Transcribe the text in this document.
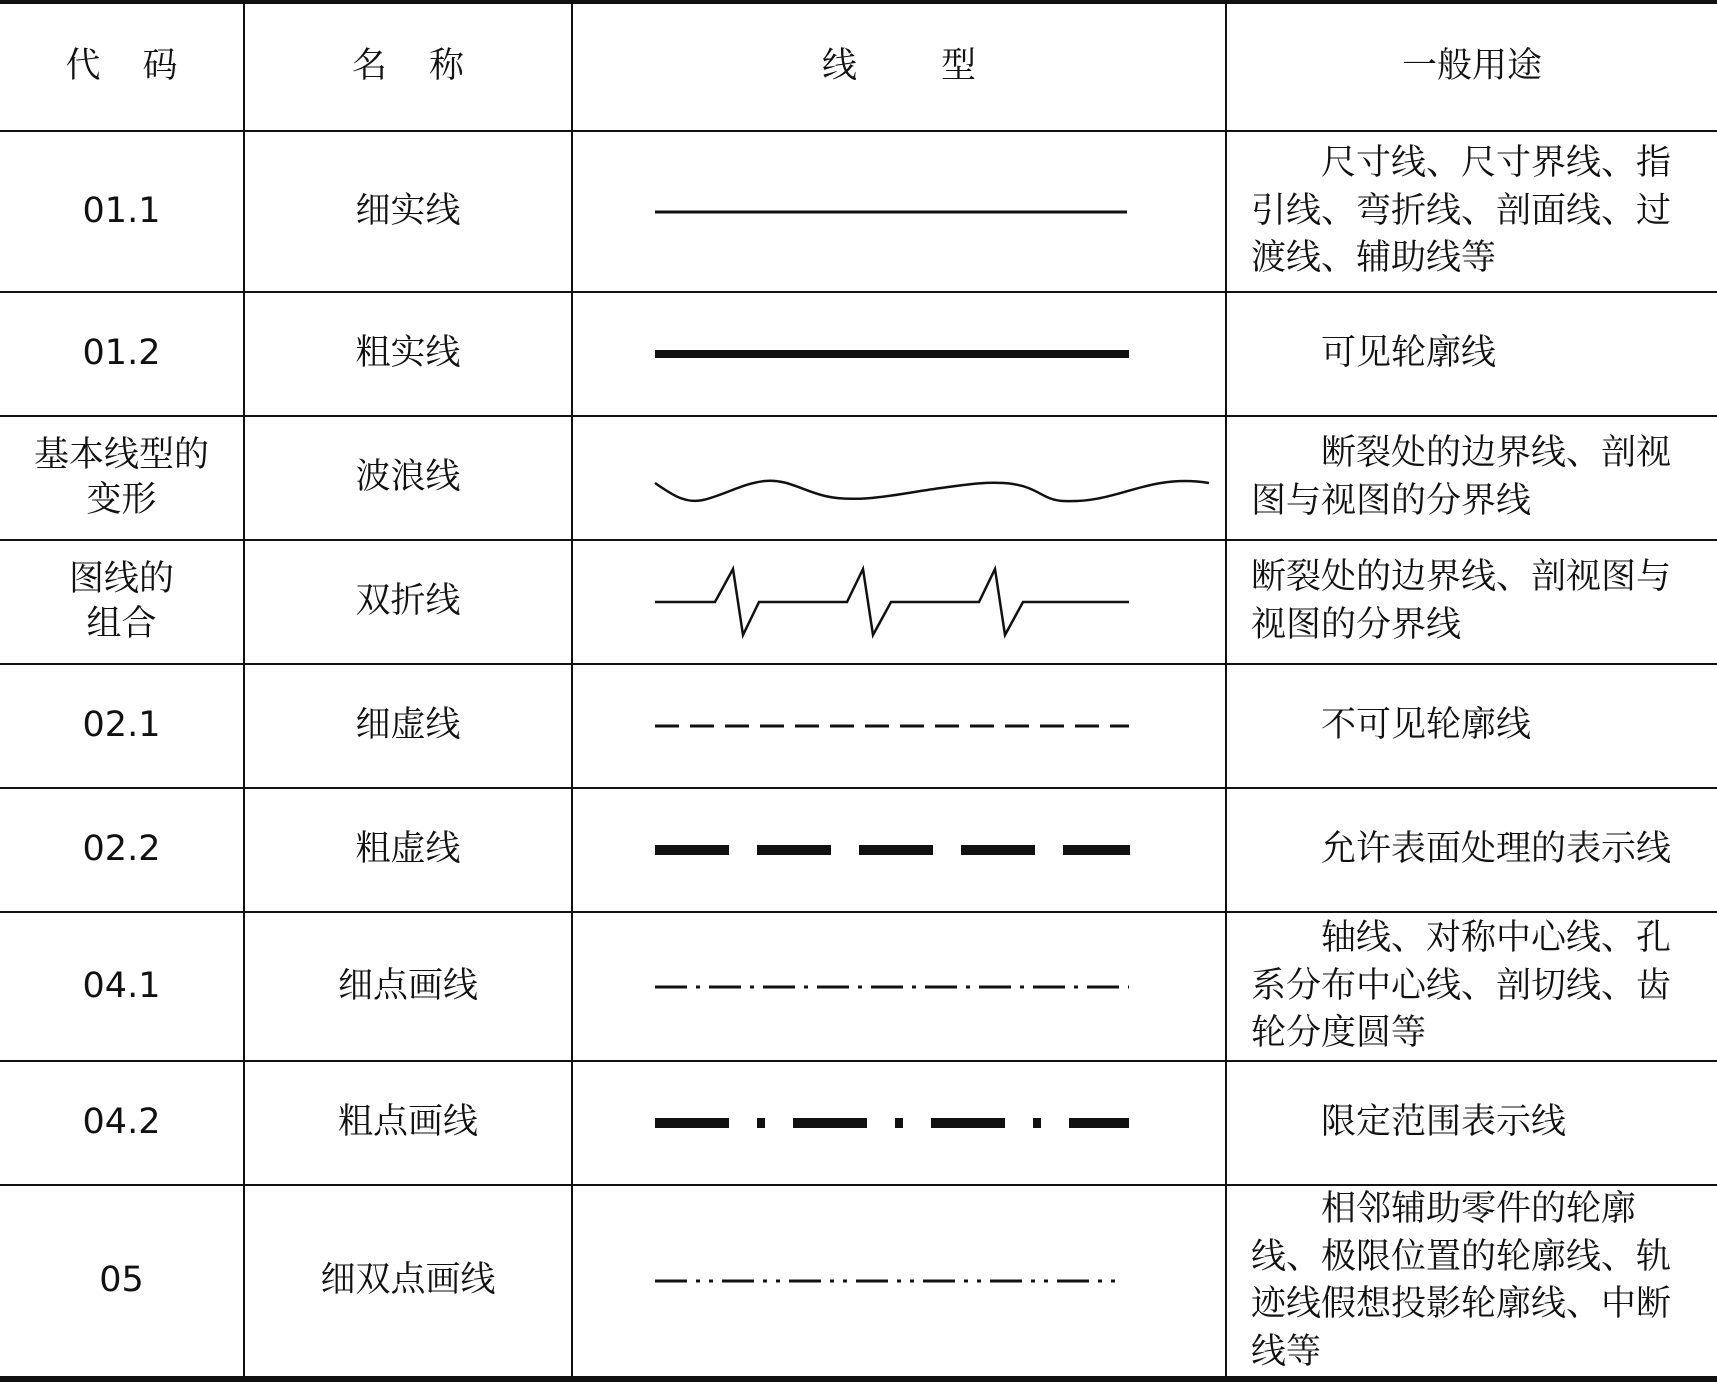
代码	名称	线型	一般用途
01.1	细实线		尺寸线、尺寸界线、指引线、弯折线、剖面线、过渡线、辅助线等
01.2	粗实线		可见轮廓线
基本线型的变形	波浪线		断裂处的边界线、剖视图与视图的分界线
图线的组合	双折线		断裂处的边界线、剖视图与视图的分界线
02.1	细虚线		不可见轮廓线
02.2	粗虚线		允许表面处理的表示线
04.1	细点画线		轴线、对称中心线、孔系分布中心线、剖切线、齿轮分度圆等
04.2	粗点画线		限定范围表示线
05	细双点画线		相邻辅助零件的轮廓线、极限位置的轮廓线、轨迹线假想投影轮廓线、中断线等
